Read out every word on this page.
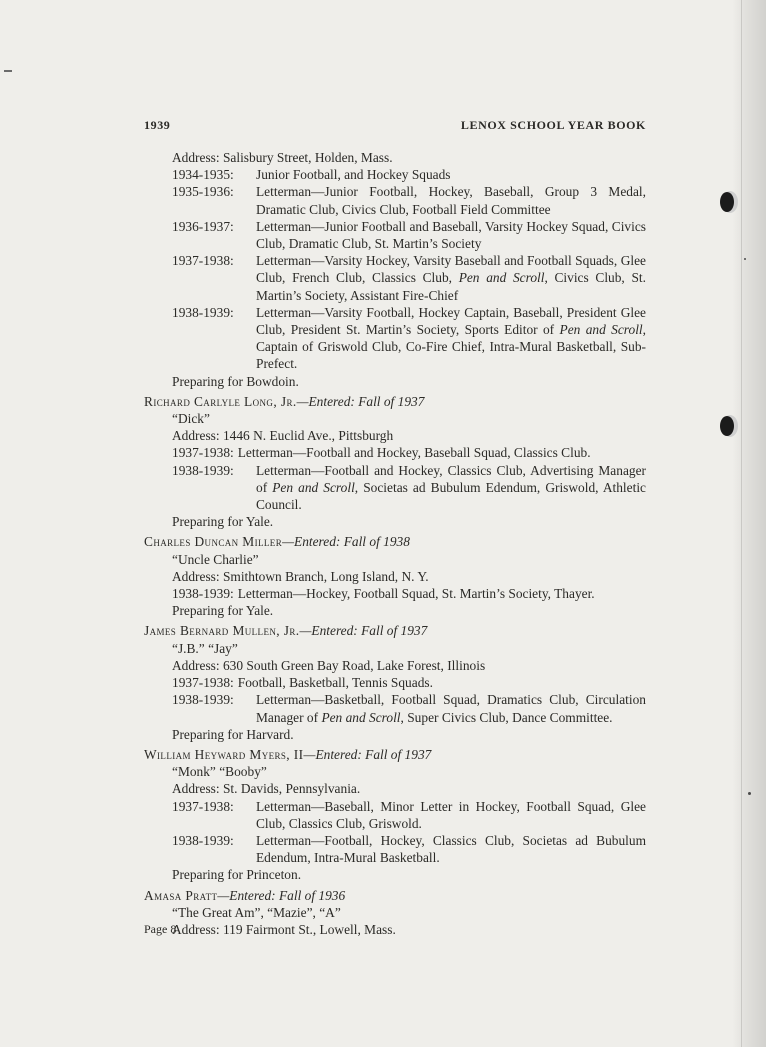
1939	LENOX SCHOOL YEAR BOOK
Address: Salisbury Street, Holden, Mass.
1934-1935:	Junior Football, and Hockey Squads
1935-1936:	Letterman—Junior Football, Hockey, Baseball, Group 3 Medal, Dramatic Club, Civics Club, Football Field Committee
1936-1937:	Letterman—Junior Football and Baseball, Varsity Hockey Squad, Civics Club, Dramatic Club, St. Martin’s Society
1937-1938:	Letterman—Varsity Hockey, Varsity Baseball and Football Squads, Glee Club, French Club, Classics Club, Pen and Scroll, Civics Club, St. Martin’s Society, Assistant Fire-Chief
1938-1939:	Letterman—Varsity Football, Hockey Captain, Baseball, President Glee Club, President St. Martin’s Society, Sports Editor of Pen and Scroll, Captain of Griswold Club, Co-Fire Chief, Intra-Mural Basketball, Sub-Prefect.
Preparing for Bowdoin.
Richard Carlyle Long, Jr.—Entered: Fall of 1937
“Dick”
Address: 1446 N. Euclid Ave., Pittsburgh
1937-1938: Letterman—Football and Hockey, Baseball Squad, Classics Club.
1938-1939:	Letterman—Football and Hockey, Classics Club, Advertising Manager of Pen and Scroll, Societas ad Bubulum Edendum, Griswold, Athletic Council.
Preparing for Yale.
Charles Duncan Miller—Entered: Fall of 1938
“Uncle Charlie”
Address: Smithtown Branch, Long Island, N. Y.
1938-1939: Letterman—Hockey, Football Squad, St. Martin’s Society, Thayer.
Preparing for Yale.
James Bernard Mullen, Jr.—Entered: Fall of 1937
“J.B.” “Jay”
Address: 630 South Green Bay Road, Lake Forest, Illinois
1937-1938: Football, Basketball, Tennis Squads.
1938-1939:	Letterman—Basketball, Football Squad, Dramatics Club, Circulation Manager of Pen and Scroll, Super Civics Club, Dance Committee.
Preparing for Harvard.
William Heyward Myers, II—Entered: Fall of 1937
“Monk” “Booby”
Address: St. Davids, Pennsylvania.
1937-1938:	Letterman—Baseball, Minor Letter in Hockey, Football Squad, Glee Club, Classics Club, Griswold.
1938-1939:	Letterman—Football, Hockey, Classics Club, Societas ad Bubulum Edendum, Intra-Mural Basketball.
Preparing for Princeton.
Amasa Pratt—Entered: Fall of 1936
“The Great Am”, “Mazie”, “A”
Address: 119 Fairmont St., Lowell, Mass.
Page 8
